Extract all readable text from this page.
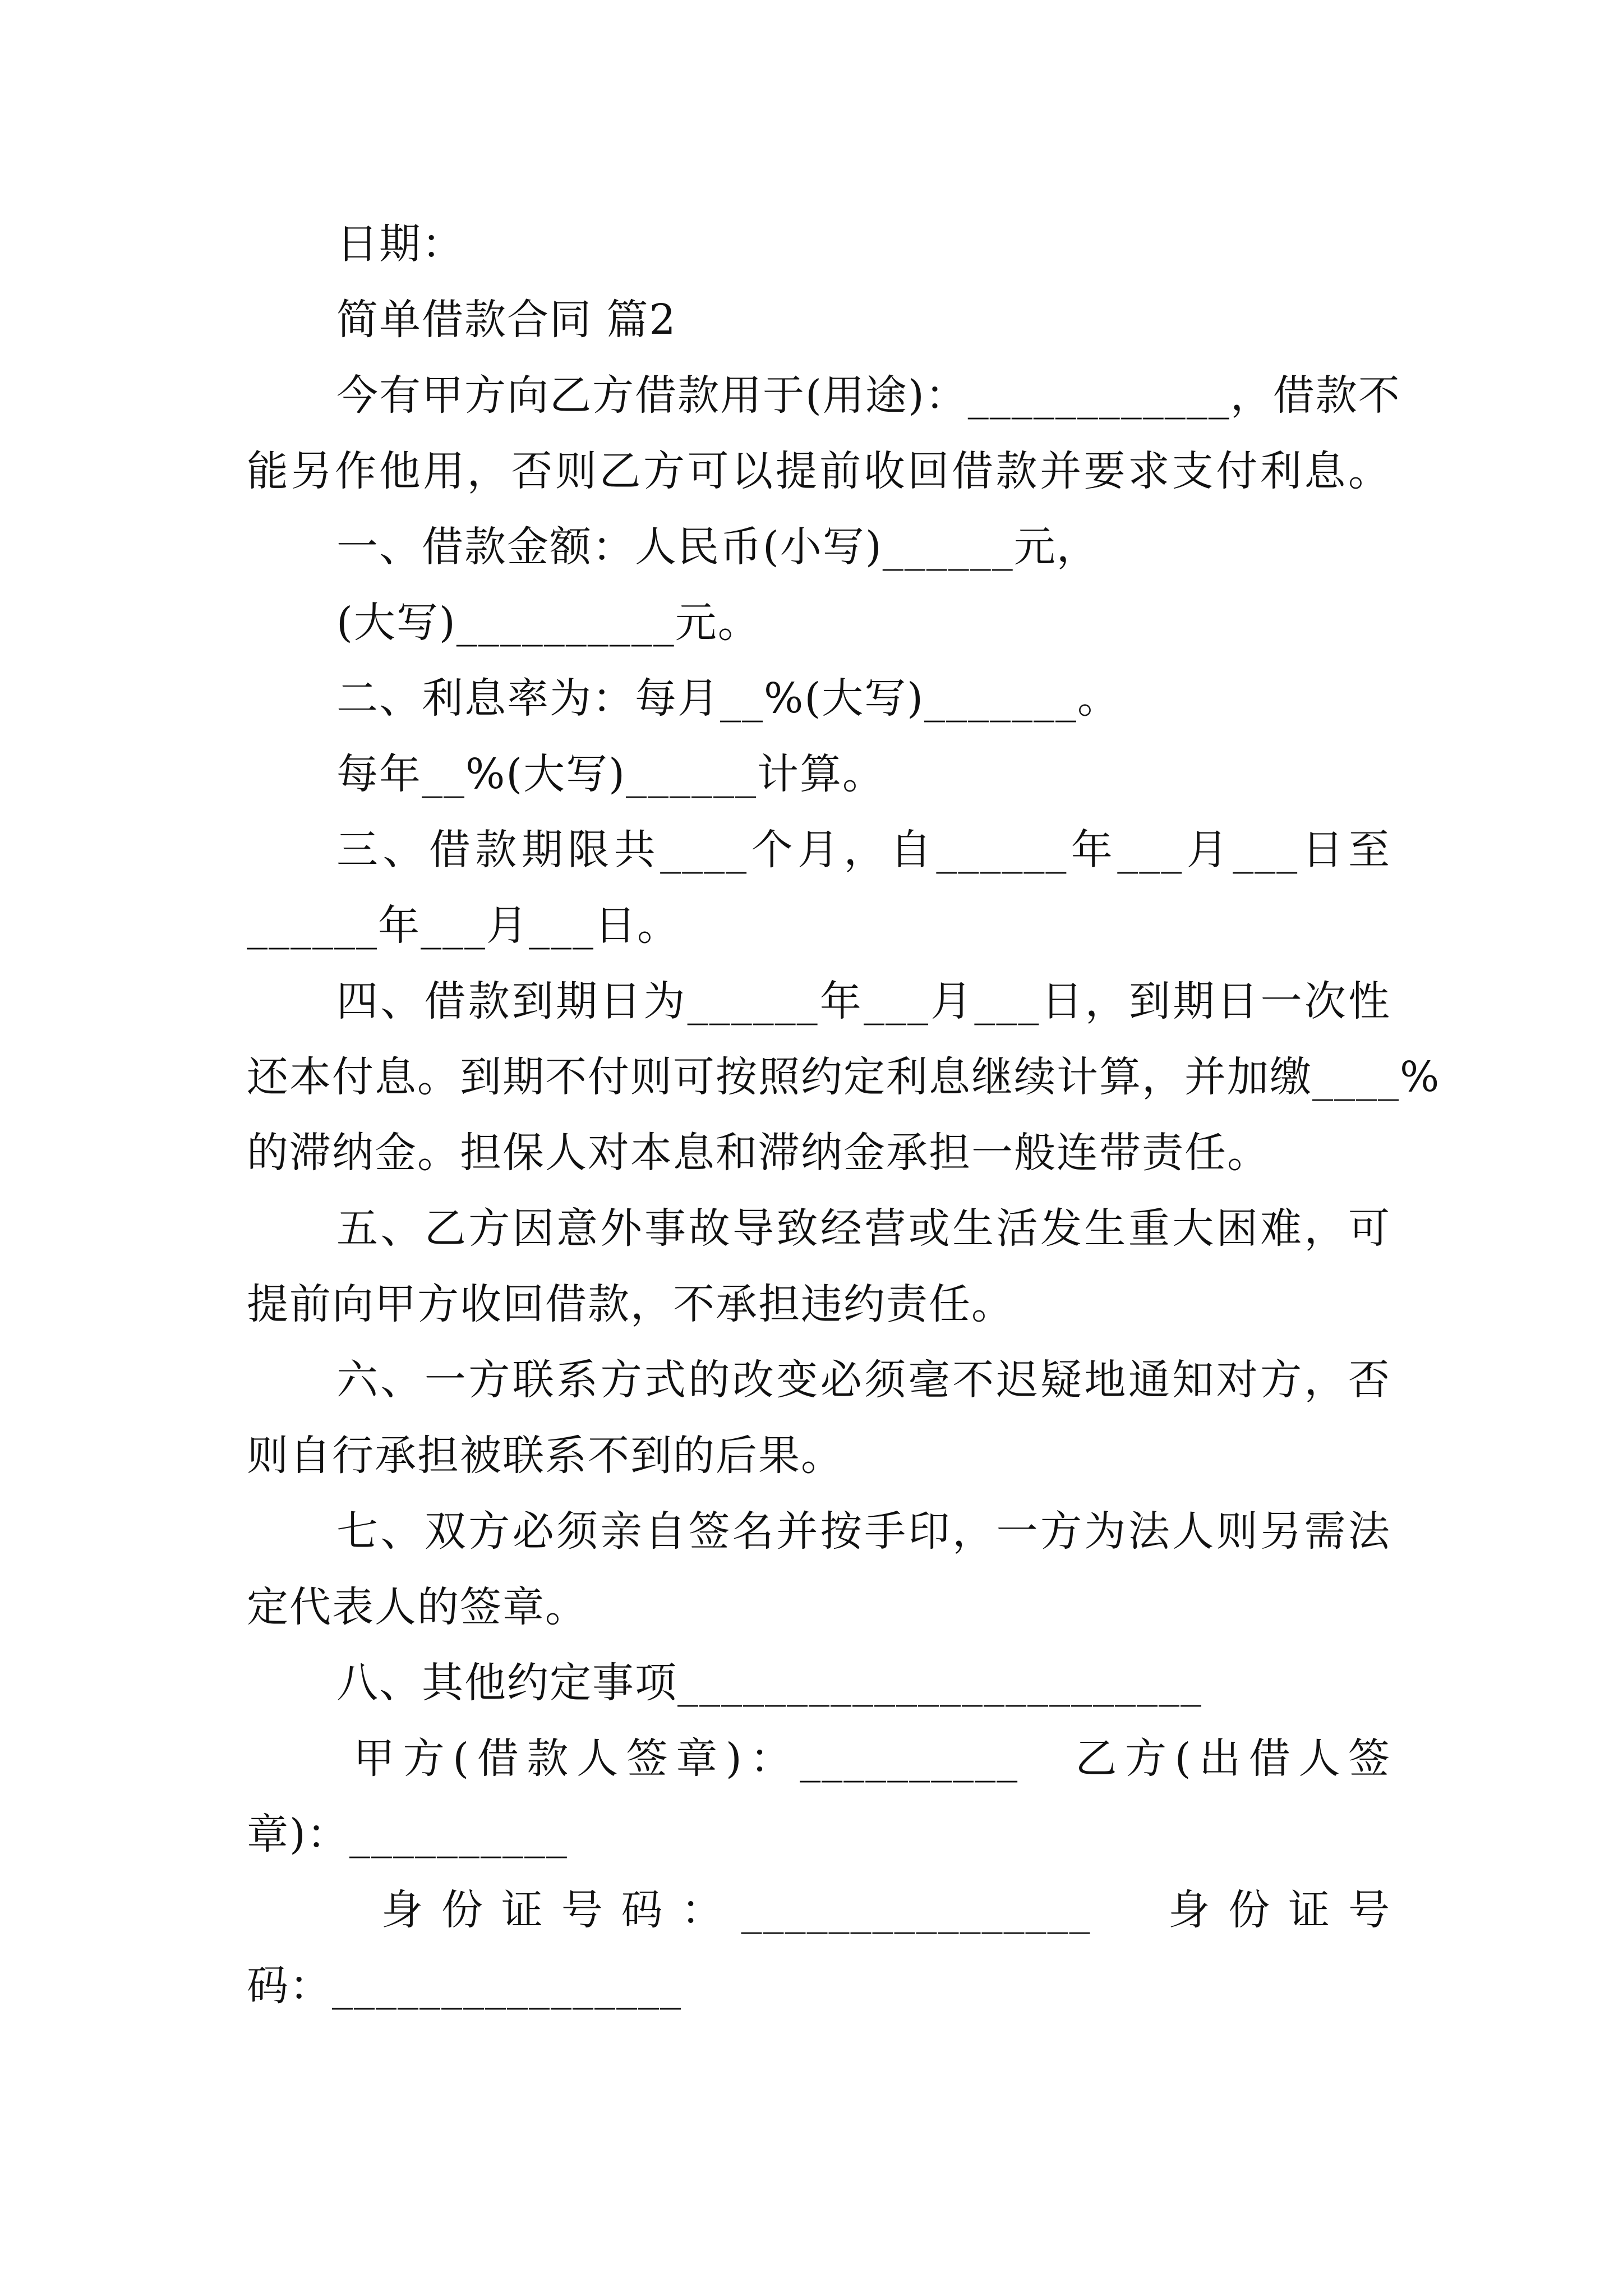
日期：
简单借款合同 篇2
今有甲方向乙方借款用于(用途)：____________，借款不
能另作他用，否则乙方可以提前收回借款并要求支付利息。
一、借款金额：人民币(小写)______元，
(大写)__________元。
二、利息率为：每月__%(大写)_______。
每年__%(大写)______计算。
三、借款期限共____个月，自______年___月___日至
______年___月___日。
四、借款到期日为______年___月___日，到期日一次性
还本付息。到期不付则可按照约定利息继续计算，并加缴____%
的滞纳金。担保人对本息和滞纳金承担一般连带责任。
五、乙方因意外事故导致经营或生活发生重大困难，可
提前向甲方收回借款，不承担违约责任。
六、一方联系方式的改变必须毫不迟疑地通知对方，否
则自行承担被联系不到的后果。
七、双方必须亲自签名并按手印，一方为法人则另需法
定代表人的签章。
八、其他约定事项________________________
甲方(借款人签章)：__________　乙方(出借人签
章)：__________
身份证号码：________________　身份证号
码：________________
